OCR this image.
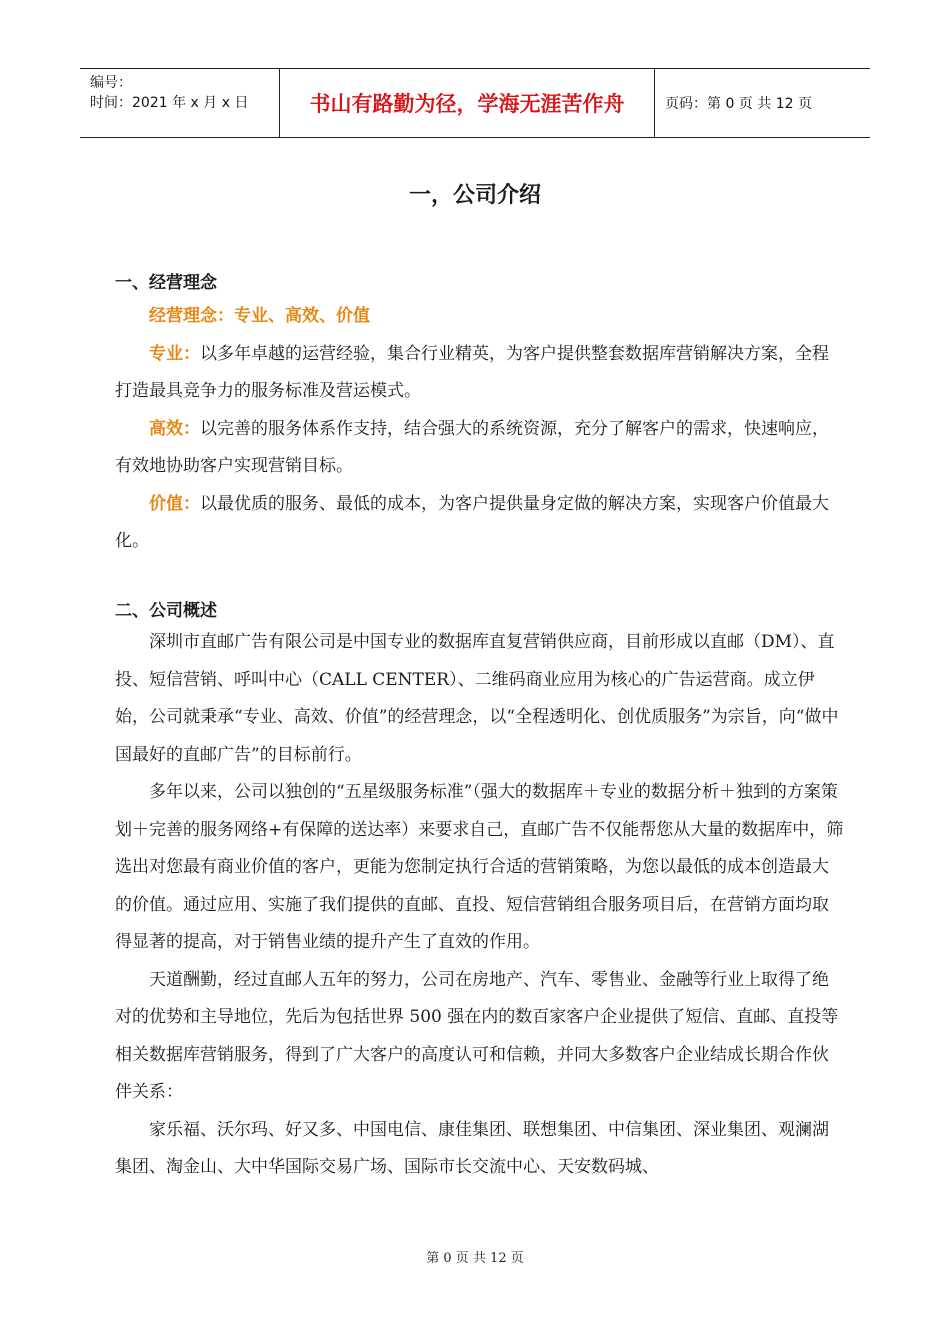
编号：
时间：2021 年 x 月 x 日	书山有路勤为径，学海无涯苦作舟	页码：第 0 页 共 12 页
一，公司介绍
一、经营理念

经营理念：专业、高效、价值

专业：以多年卓越的运营经验，集合行业精英，为客户提供整套数据库营销解决方案，全程打造最具竞争力的服务标准及营运模式。

高效：以完善的服务体系作支持，结合强大的系统资源，充分了解客户的需求，快速响应，有效地协助客户实现营销目标。

价值：以最优质的服务、最低的成本，为客户提供量身定做的解决方案，实现客户价值最大化。

二、公司概述

深圳市直邮广告有限公司是中国专业的数据库直复营销供应商，目前形成以直邮（DM）、直投、短信营销、呼叫中心（CALL CENTER）、二维码商业应用为核心的广告运营商。成立伊始，公司就秉承“专业、高效、价值”的经营理念，以“全程透明化、创优质服务”为宗旨，向“做中国最好的直邮广告”的目标前行。

多年以来，公司以独创的“五星级服务标准”（强大的数据库＋专业的数据分析＋独到的方案策划＋完善的服务网络+有保障的送达率）来要求自己，直邮广告不仅能帮您从大量的数据库中，筛选出对您最有商业价值的客户，更能为您制定执行合适的营销策略，为您以最低的成本创造最大的价值。通过应用、实施了我们提供的直邮、直投、短信营销组合服务项目后，在营销方面均取得显著的提高，对于销售业绩的提升产生了直效的作用。

天道酬勤，经过直邮人五年的努力，公司在房地产、汽车、零售业、金融等行业上取得了绝对的优势和主导地位，先后为包括世界 500 强在内的数百家客户企业提供了短信、直邮、直投等相关数据库营销服务，得到了广大客户的高度认可和信赖，并同大多数客户企业结成长期合作伙伴关系：

家乐福、沃尔玛、好又多、中国电信、康佳集团、联想集团、中信集团、深业集团、观澜湖集团、淘金山、大中华国际交易广场、国际市长交流中心、天安数码城、

第 0 页 共 12 页
